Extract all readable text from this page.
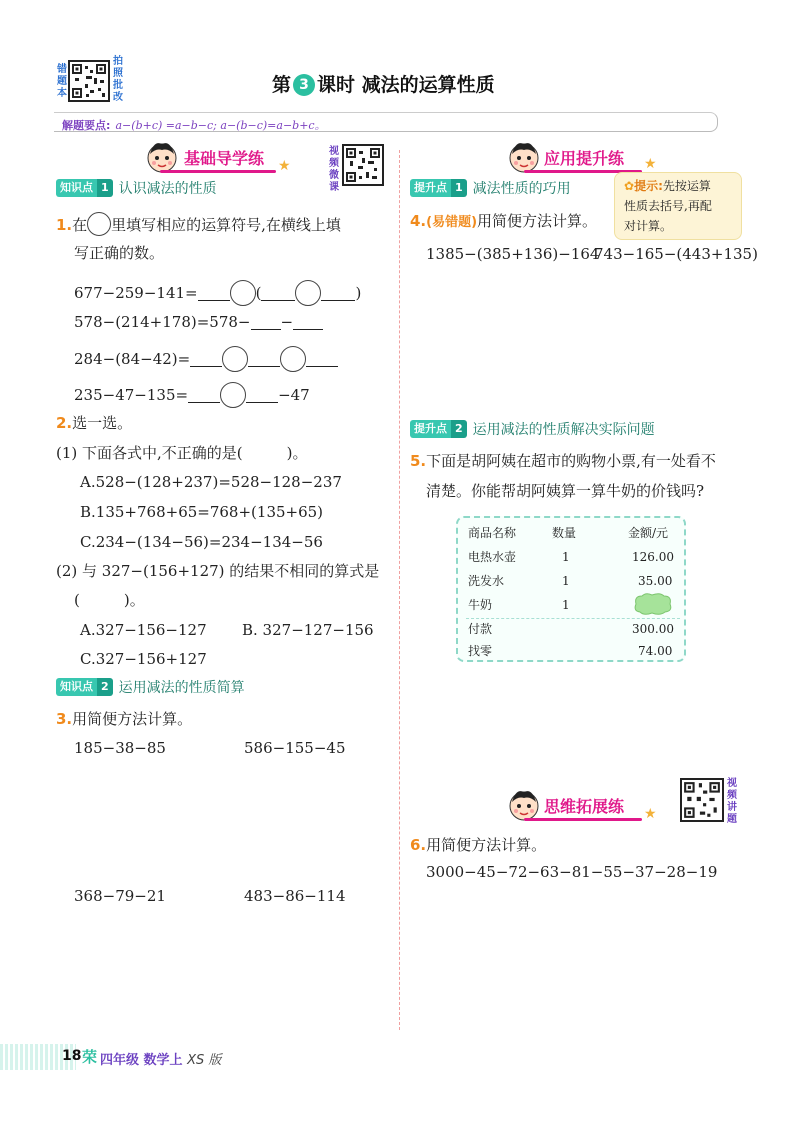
错题本
拍照批改
第 3 课时 减法的运算性质
解题要点: a−(b+c) =a−b−c; a−(b−c)=a−b+c。
基础导学练 ★
视频微课
知识点 1 认识减法的性质
1.在 里填写相应的运算符号,在横线上填
写正确的数。
677−259−141=	(	)
578−(214+178)=578− −
284−(84−42)=
235−47−135=	−47
2.选一选。
(1) 下面各式中,不正确的是(	)。
A.528−(128+237)=528−128−237
B.135+768+65=768+(135+65)
C.234−(134−56)=234−134−56
(2) 与 327−(156+127) 的结果不相同的算式是
(	)。
A.327−156−127 B. 327−127−156
C.327−156+127
知识点 2 运用减法的性质简算
3.用简便方法计算。
185−38−85	586−155−45
368−79−21	483−86−114
应用提升练 ★
提升点 1 减法性质的巧用	✿提示:先按运算
性质去括号,再配
对计算。
4.(易错题)用简便方法计算。
1385−(385+136)−164
743−165−(443+135)
提升点 2 运用减法的性质解决实际问题
5.下面是胡阿姨在超市的购物小票,有一处看不
清楚。你能帮胡阿姨算一算牛奶的价钱吗?
商品名称	数量	金额/元
电热水壶	1	126.00
洗发水	1	35.00
牛奶	1
付款	300.00
找零	74.00
思维拓展练 ★
视频讲题
6.用简便方法计算。
3000−45−72−63−81−55−37−28−19
18 荣 四年级 数学上 XS 版
